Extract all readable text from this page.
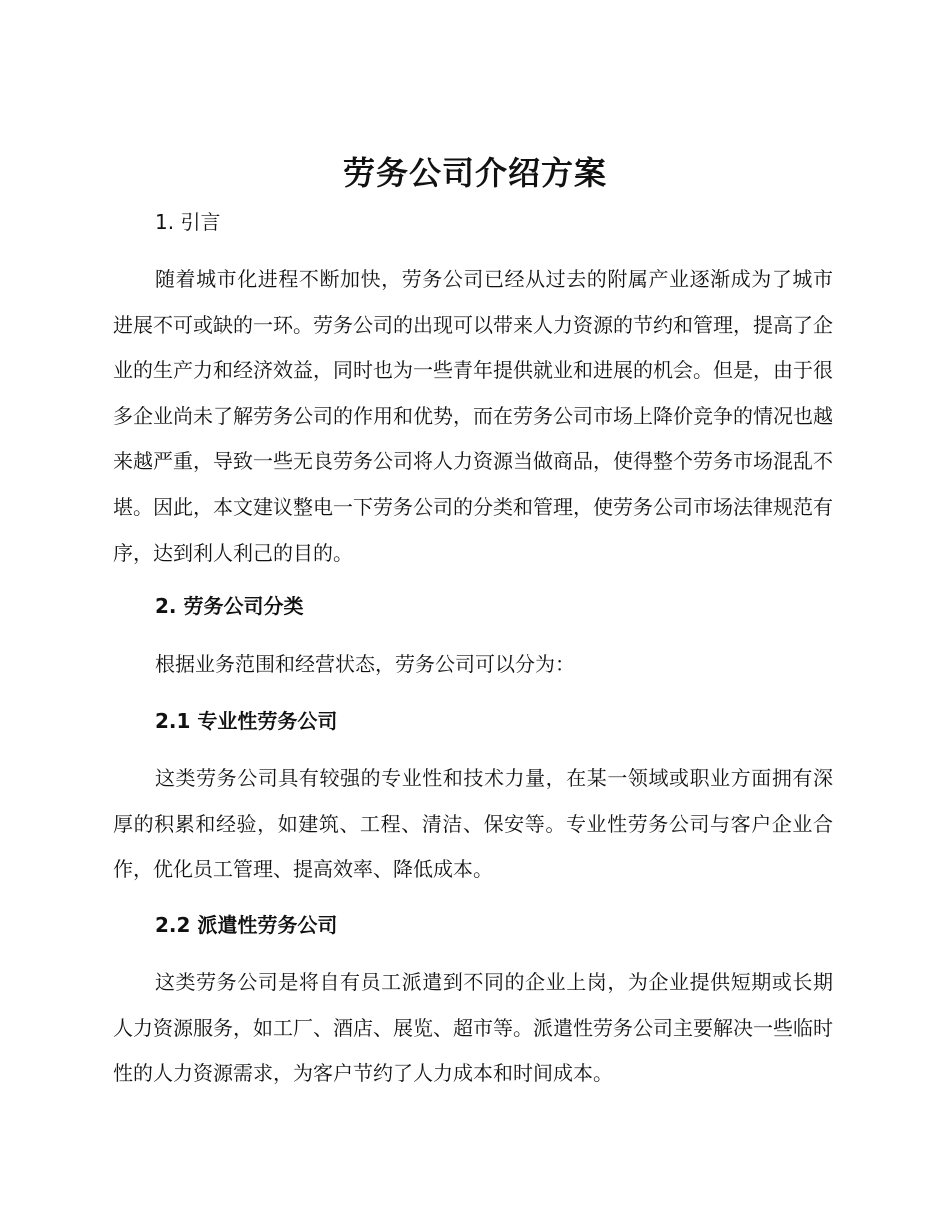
劳务公司介绍方案
1. 引言
随着城市化进程不断加快，劳务公司已经从过去的附属产业逐渐成为了城市进展不可或缺的一环。劳务公司的出现可以带来人力资源的节约和管理，提高了企业的生产力和经济效益，同时也为一些青年提供就业和进展的机会。但是，由于很多企业尚未了解劳务公司的作用和优势，而在劳务公司市场上降价竞争的情况也越来越严重，导致一些无良劳务公司将人力资源当做商品，使得整个劳务市场混乱不堪。因此，本文建议整电一下劳务公司的分类和管理，使劳务公司市场法律规范有序，达到利人利己的目的。
2. 劳务公司分类
根据业务范围和经营状态，劳务公司可以分为：
2.1 专业性劳务公司
这类劳务公司具有较强的专业性和技术力量，在某一领域或职业方面拥有深厚的积累和经验，如建筑、工程、清洁、保安等。专业性劳务公司与客户企业合作，优化员工管理、提高效率、降低成本。
2.2 派遣性劳务公司
这类劳务公司是将自有员工派遣到不同的企业上岗，为企业提供短期或长期人力资源服务，如工厂、酒店、展览、超市等。派遣性劳务公司主要解决一些临时性的人力资源需求，为客户节约了人力成本和时间成本。
